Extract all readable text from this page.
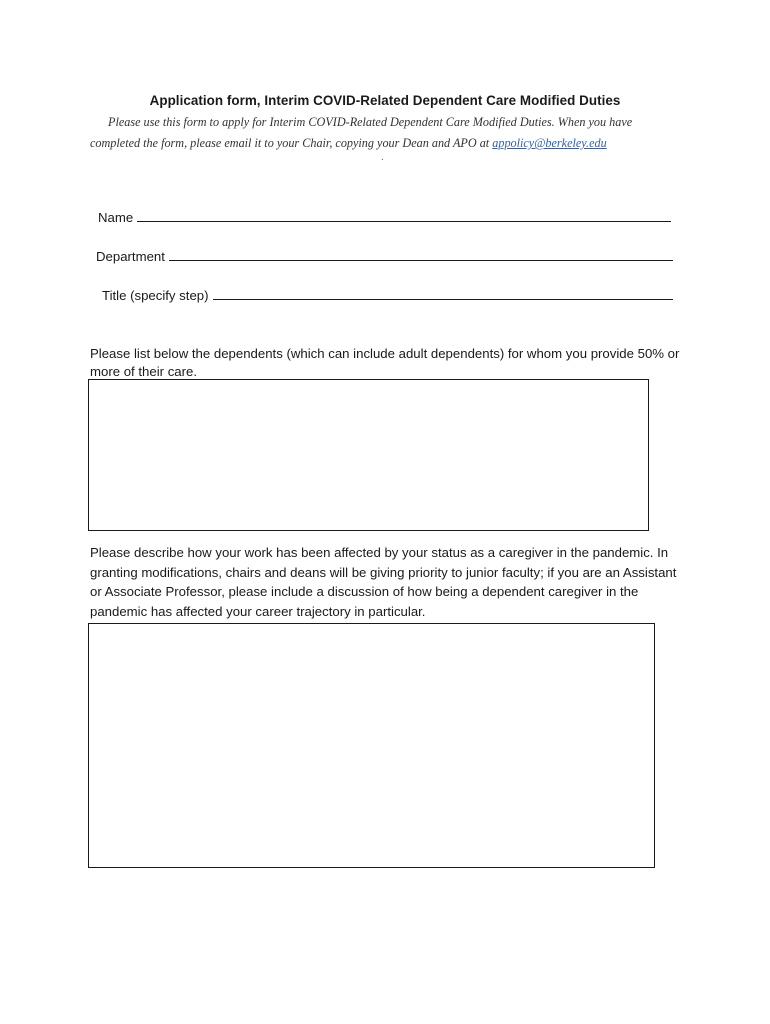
Application form, Interim COVID-Related Dependent Care Modified Duties
Please use this form to apply for Interim COVID-Related Dependent Care Modified Duties. When you have
completed the form, please email it to your Chair, copying your Dean and APO at appolicy@berkeley.edu
.
Name
Department
Title (specify step)
Please list below the dependents (which can include adult dependents) for whom you provide 50% or more of their care.
Please describe how your work has been affected by your status as a caregiver in the pandemic. In granting modifications, chairs and deans will be giving priority to junior faculty; if you are an Assistant or Associate Professor, please include a discussion of how being a dependent caregiver in the pandemic has affected your career trajectory in particular.
